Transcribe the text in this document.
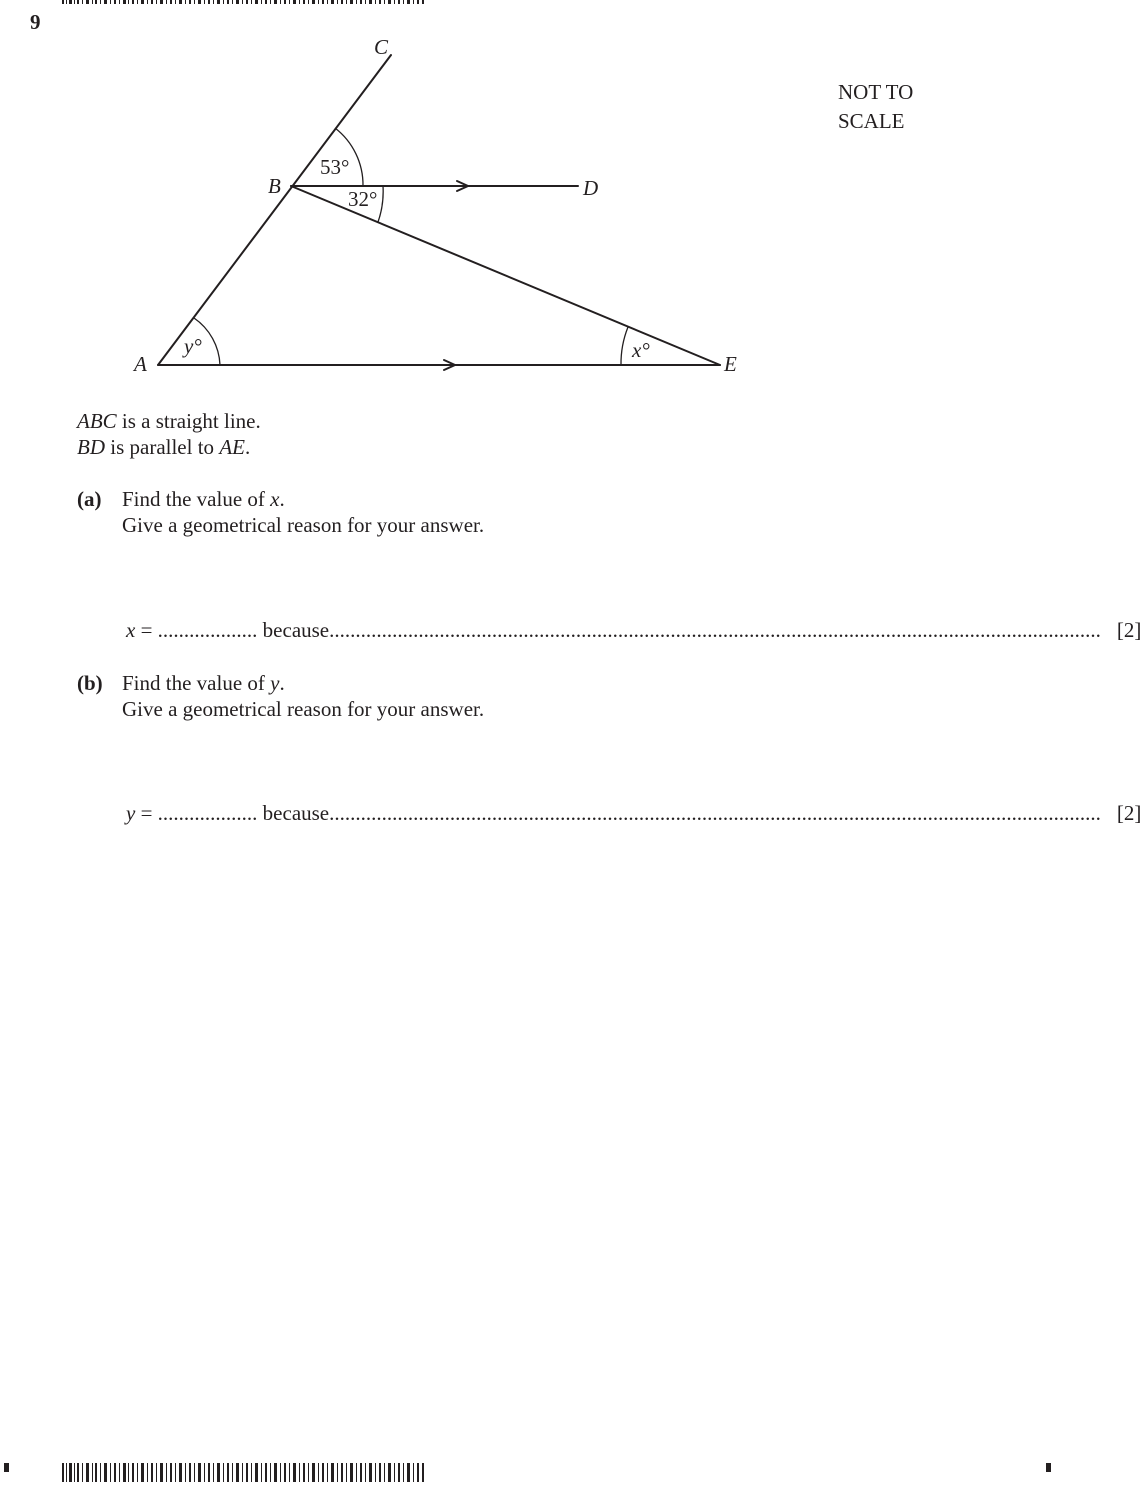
9
C
B	D
A	E
53°
32°
y°	x°
NOT TO
SCALE
ABC is a straight line.
BD is parallel to AE.
(a) Find the value of x.
Give a geometrical reason for your answer.
x = ................... because ................................................................................................................................................... [2]
(b) Find the value of y.
Give a geometrical reason for your answer.
y = ................... because ................................................................................................................................................... [2]
